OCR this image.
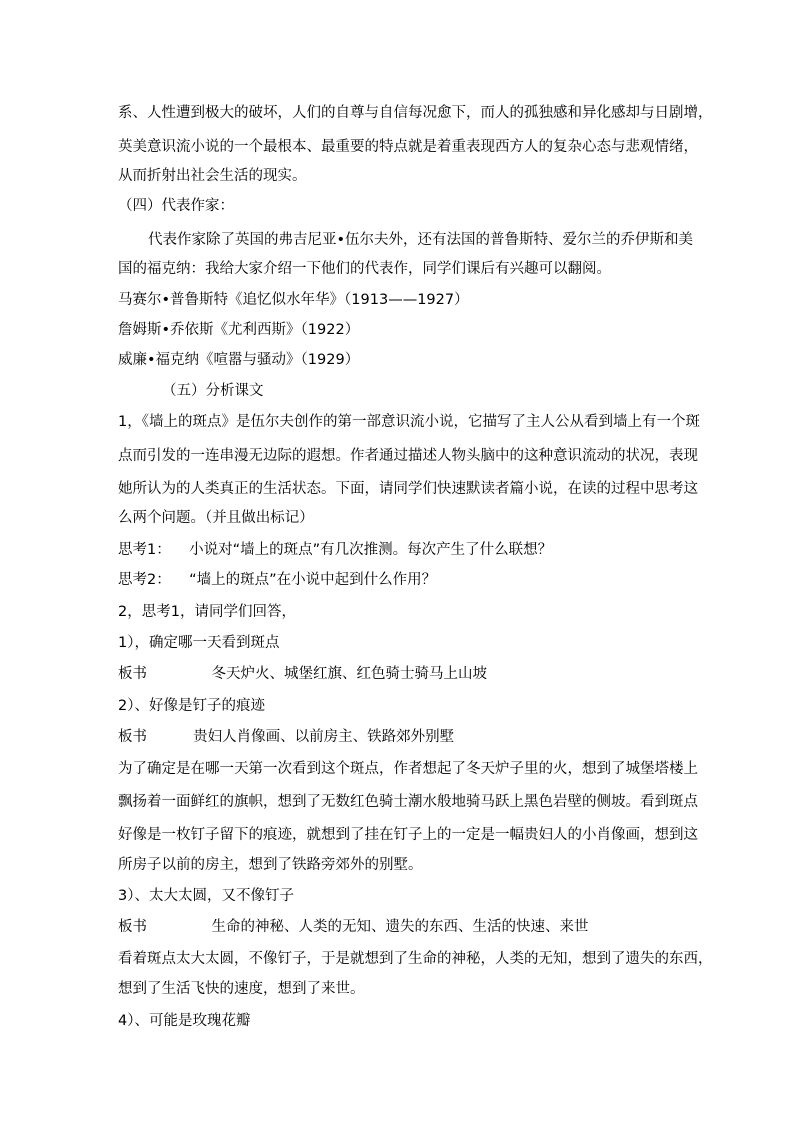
系、人性遭到极大的破坏，人们的自尊与自信每况愈下，而人的孤独感和异化感却与日剧增，
英美意识流小说的一个最根本、最重要的特点就是着重表现西方人的复杂心态与悲观情绪，
从而折射出社会生活的现实。
（四）代表作家：
代表作家除了英国的弗吉尼亚•伍尔夫外，还有法国的普鲁斯特、爱尔兰的乔伊斯和美
国的福克纳：我给大家介绍一下他们的代表作，同学们课后有兴趣可以翻阅。
马赛尔•普鲁斯特《追忆似水年华》（1913——1927）
詹姆斯•乔依斯《尤利西斯》（1922）
威廉•福克纳《喧嚣与骚动》（1929）
（五）分析课文
1，《墙上的斑点》是伍尔夫创作的第一部意识流小说，它描写了主人公从看到墙上有一个斑
点而引发的一连串漫无边际的遐想。作者通过描述人物头脑中的这种意识流动的状况，表现
她所认为的人类真正的生活状态。下面，请同学们快速默读者篇小说，在读的过程中思考这
么两个问题。（并且做出标记）
思考1：    小说对“墙上的斑点”有几次推测。每次产生了什么联想？
思考2：    “墙上的斑点”在小说中起到什么作用？
2，思考1，请同学们回答，
1），确定哪一天看到斑点
板书              冬天炉火、城堡红旗、红色骑士骑马上山坡
2）、好像是钉子的痕迹
板书          贵妇人肖像画、以前房主、铁路郊外别墅
为了确定是在哪一天第一次看到这个斑点，作者想起了冬天炉子里的火，想到了城堡塔楼上
飘扬着一面鲜红的旗帜，想到了无数红色骑士潮水般地骑马跃上黑色岩壁的侧坡。看到斑点
好像是一枚钉子留下的痕迹，就想到了挂在钉子上的一定是一幅贵妇人的小肖像画，想到这
所房子以前的房主，想到了铁路旁郊外的别墅。
3）、太大太圆，又不像钉子
板书              生命的神秘、人类的无知、遗失的东西、生活的快速、来世
看着斑点太大太圆，不像钉子，于是就想到了生命的神秘，人类的无知，想到了遗失的东西，
想到了生活飞快的速度，想到了来世。
4）、可能是玫瑰花瓣
